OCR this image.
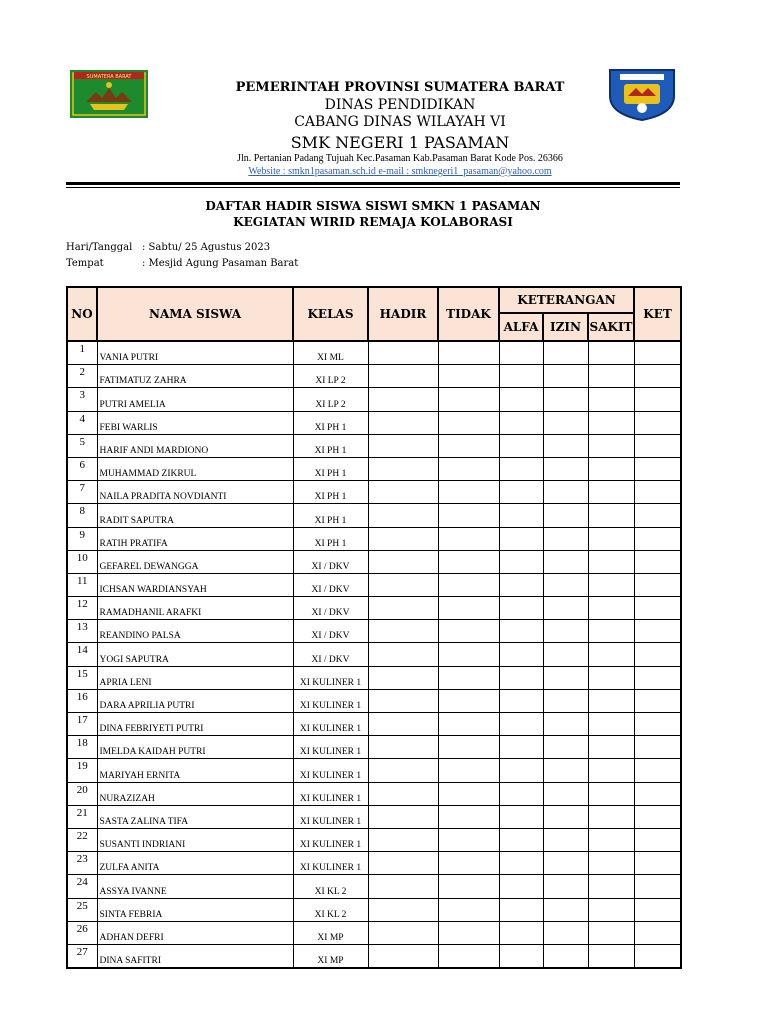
SUMATERA BARAT
PEMERINTAH PROVINSI SUMATERA BARAT
DINAS PENDIDIKAN
CABANG DINAS WILAYAH VI
SMK NEGERI 1 PASAMAN
Jln. Pertanian Padang Tujuah Kec.Pasaman Kab.Pasaman Barat Kode Pos. 26366
Website : smkn1pasaman.sch.id e-mail : smknegeri1_pasaman@yahoo.com
DAFTAR HADIR SISWA SISWI SMKN 1 PASAMAN
KEGIATAN WIRID REMAJA KOLABORASI
Hari/Tanggal : Sabtu/ 25 Agustus 2023
Tempat	: Mesjid Agung Pasaman Barat
NO	NAMA SISWA	KELAS	HADIR	TIDAK	KETERANGAN			KET
					ALFA	IZIN	SAKIT	
1	VANIA PUTRI	XI ML						
2	FATIMATUZ ZAHRA	XI LP 2						
3	PUTRI AMELIA	XI LP 2						
4	FEBI WARLIS	XI PH 1						
5	HARIF ANDI MARDIONO	XI PH 1						
6	MUHAMMAD ZIKRUL	XI PH 1						
7	NAILA PRADITA NOVDIANTI	XI PH 1						
8	RADIT SAPUTRA	XI PH 1						
9	RATIH PRATIFA	XI PH 1						
10	GEFAREL DEWANGGA	XI / DKV						
11	ICHSAN WARDIANSYAH	XI / DKV						
12	RAMADHANIL ARAFKI	XI / DKV						
13	REANDINO PALSA	XI / DKV						
14	YOGI SAPUTRA	XI / DKV						
15	APRIA LENI	XI KULINER 1						
16	DARA APRILIA PUTRI	XI KULINER 1						
17	DINA FEBRIYETI PUTRI	XI KULINER 1						
18	IMELDA KAIDAH PUTRI	XI KULINER 1						
19	MARIYAH ERNITA	XI KULINER 1						
20	NURAZIZAH	XI KULINER 1						
21	SASTA ZALINA TIFA	XI KULINER 1						
22	SUSANTI INDRIANI	XI KULINER 1						
23	ZULFA ANITA	XI KULINER 1						
24	ASSYA IVANNE	XI KL 2						
25	SINTA FEBRIA	XI KL 2						
26	ADHAN DEFRI	XI MP						
27	DINA SAFITRI	XI MP						
